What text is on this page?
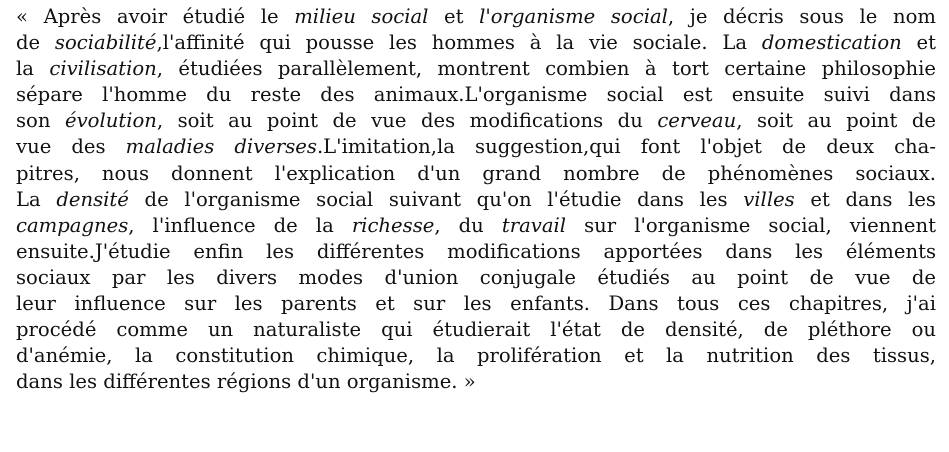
« Après avoir étudié le milieu social et l'organisme social, je décris sous le nom
de sociabilité,l'affinité qui pousse les hommes à la vie sociale. La domestication et
la civilisation, étudiées parallèlement, montrent combien à tort certaine philosophie
sépare l'homme du reste des animaux.L'organisme social est ensuite suivi dans
son évolution, soit au point de vue des modifications du cerveau, soit au point de
vue des maladies diverses.L'imitation,la suggestion,qui font l'objet de deux cha-
pitres, nous donnent l'explication d'un grand nombre de phénomènes sociaux.
La densité de l'organisme social suivant qu'on l'étudie dans les villes et dans les
campagnes, l'influence de la richesse, du travail sur l'organisme social, viennent
ensuite.J'étudie enfin les différentes modifications apportées dans les éléments
sociaux par les divers modes d'union conjugale étudiés au point de vue de
leur influence sur les parents et sur les enfants. Dans tous ces chapitres, j'ai
procédé comme un naturaliste qui étudierait l'état de densité, de pléthore ou
d'anémie, la constitution chimique, la prolifération et la nutrition des tissus,
dans les différentes régions d'un organisme. »
